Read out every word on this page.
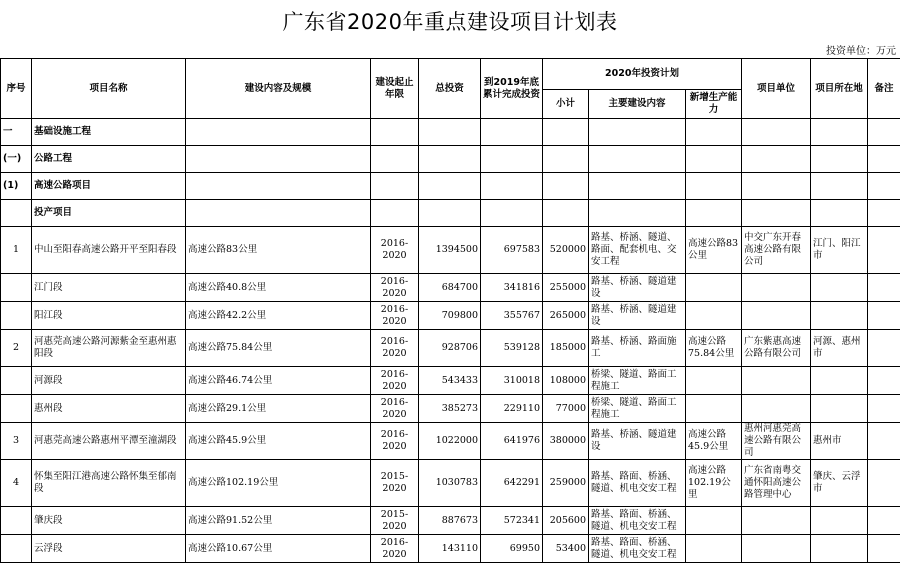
广东省2020年重点建设项目计划表
投资单位：万元
序号	项目名称	建设内容及规模	建设起止年限	总投资	到2019年底累计完成投资	2020年投资计划			项目单位	项目所在地	备注
						小计	主要建设内容	新增生产能力			
一	基础设施工程										
(一)	公路工程										
(1)	高速公路项目										
	投产项目										
1	中山至阳春高速公路开平至阳春段	高速公路83公里	2016-2020	1394500	697583	520000	路基、桥涵、隧道、路面、配套机电、交安工程	高速公路83公里	中交广东开春高速公路有限公司	江门、阳江市	
	江门段	高速公路40.8公里	2016-2020	684700	341816	255000	路基、桥涵、隧道建设				
	阳江段	高速公路42.2公里	2016-2020	709800	355767	265000	路基、桥涵、隧道建设				
2	河惠莞高速公路河源紫金至惠州惠阳段	高速公路75.84公里	2016-2020	928706	539128	185000	路基、桥涵、路面施工	高速公路75.84公里	广东紫惠高速公路有限公司	河源、惠州市	
	河源段	高速公路46.74公里	2016-2020	543433	310018	108000	桥梁、隧道、路面工程施工				
	惠州段	高速公路29.1公里	2016-2020	385273	229110	77000	桥梁、隧道、路面工程施工				
3	河惠莞高速公路惠州平潭至潼湖段	高速公路45.9公里	2016-2020	1022000	641976	380000	路基、桥涵、隧道建设	高速公路45.9公里	惠州河惠莞高速公路有限公司	惠州市	
4	怀集至阳江港高速公路怀集至郁南段	高速公路102.19公里	2015-2020	1030783	642291	259000	路基、路面、桥涵、隧道、机电交安工程	高速公路102.19公里	广东省南粤交通怀阳高速公路管理中心	肇庆、云浮市	
	肇庆段	高速公路91.52公里	2015-2020	887673	572341	205600	路基、路面、桥涵、隧道、机电交安工程				
	云浮段	高速公路10.67公里	2016-2020	143110	69950	53400	路基、路面、桥涵、隧道、机电交安工程				
